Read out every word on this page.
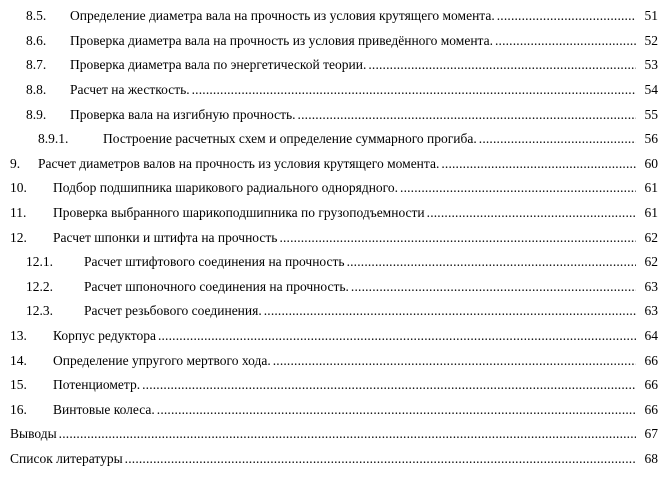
8.5. Определение диаметра вала на прочность из условия крутящего момента. . . .	51
8.6. Проверка диаметра вала на прочность из условия приведённого момента. . . .	52
8.7. Проверка диаметра вала по энергетической теории. . . .	53
8.8. Расчет на жесткость. . . .	54
8.9. Проверка вала на изгибную прочность. . . .	55
8.9.1.	Построение расчетных схем и определение суммарного прогиба. . . .	56
9. Расчет диаметров валов на прочность из условия крутящего момента. . . .	60
10. Подбор подшипника шарикового радиального однорядного. . . .	61
11. Проверка выбранного шарикоподшипника по грузоподъемности . . .	61
12. Расчет шпонки и штифта на прочность . . .	62
12.1. Расчет штифтового соединения на прочность . . .	62
12.2. Расчет шпоночного соединения на прочность. . . .	63
12.3. Расчет резьбового соединения. . . .	63
13. Корпус редуктора . . .	64
14. Определение упругого мертвого хода. . . .	66
15. Потенциометр. . . .	66
16. Винтовые колеса. . . .	66
Выводы . . .	67
Список литературы . . .	68
